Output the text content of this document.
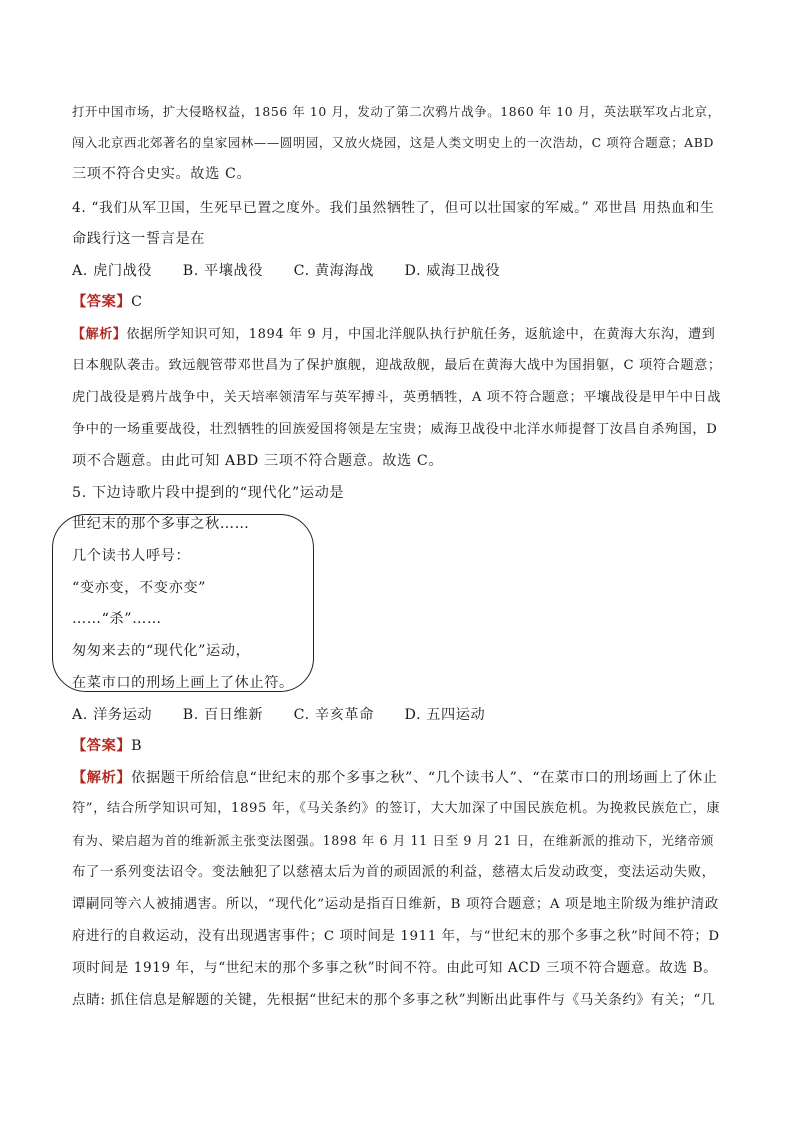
打开中国市场，扩大侵略权益，1856 年 10 月，发动了第二次鸦片战争。1860 年 10 月，英法联军攻占北京，
闯入北京西北郊著名的皇家园林——圆明园，又放火烧园，这是人类文明史上的一次浩劫，C 项符合题意；ABD
三项不符合史实。故选 C。
4. “我们从军卫国，生死早已置之度外。我们虽然牺牲了，但可以壮国家的军威。” 邓世昌 用热血和生
命践行这一誓言是在
A. 虎门战役 B. 平壤战役 C. 黄海海战 D. 威海卫战役
【答案】C
【解析】依据所学知识可知，1894 年 9 月，中国北洋舰队执行护航任务，返航途中，在黄海大东沟，遭到
日本舰队袭击。致远舰管带邓世昌为了保护旗舰，迎战敌舰，最后在黄海大战中为国捐躯，C 项符合题意；
虎门战役是鸦片战争中，关天培率领清军与英军搏斗，英勇牺牲，A 项不符合题意；平壤战役是甲午中日战
争中的一场重要战役，壮烈牺牲的回族爱国将领是左宝贵；威海卫战役中北洋水师提督丁汝昌自杀殉国，D
项不合题意。由此可知 ABD 三项不符合题意。故选 C。
5. 下边诗歌片段中提到的“现代化”运动是
世纪末的那个多事之秋……
几个读书人呼号：
“变亦变，不变亦变”
……“杀”……
匆匆来去的“现代化”运动，
在菜市口的刑场上画上了休止符。
A. 洋务运动 B. 百日维新 C. 辛亥革命 D. 五四运动
【答案】B
【解析】依据题干所给信息“世纪末的那个多事之秋”、“几个读书人”、“在菜市口的刑场画上了休止
符”，结合所学知识可知，1895 年，《马关条约》的签订，大大加深了中国民族危机。为挽救民族危亡，康
有为、梁启超为首的维新派主张变法图强。1898 年 6 月 11 日至 9 月 21 日，在维新派的推动下，光绪帝颁
布了一系列变法诏令。变法触犯了以慈禧太后为首的顽固派的利益，慈禧太后发动政变，变法运动失败，
谭嗣同等六人被捕遇害。所以，“现代化”运动是指百日维新，B 项符合题意；A 项是地主阶级为维护清政
府进行的自救运动，没有出现遇害事件；C 项时间是 1911 年，与“世纪末的那个多事之秋”时间不符；D
项时间是 1919 年，与“世纪末的那个多事之秋”时间不符。由此可知 ACD 三项不符合题意。故选 B。
点睛: 抓住信息是解题的关键，先根据“世纪末的那个多事之秋”判断出此事件与《马关条约》有关；“几
